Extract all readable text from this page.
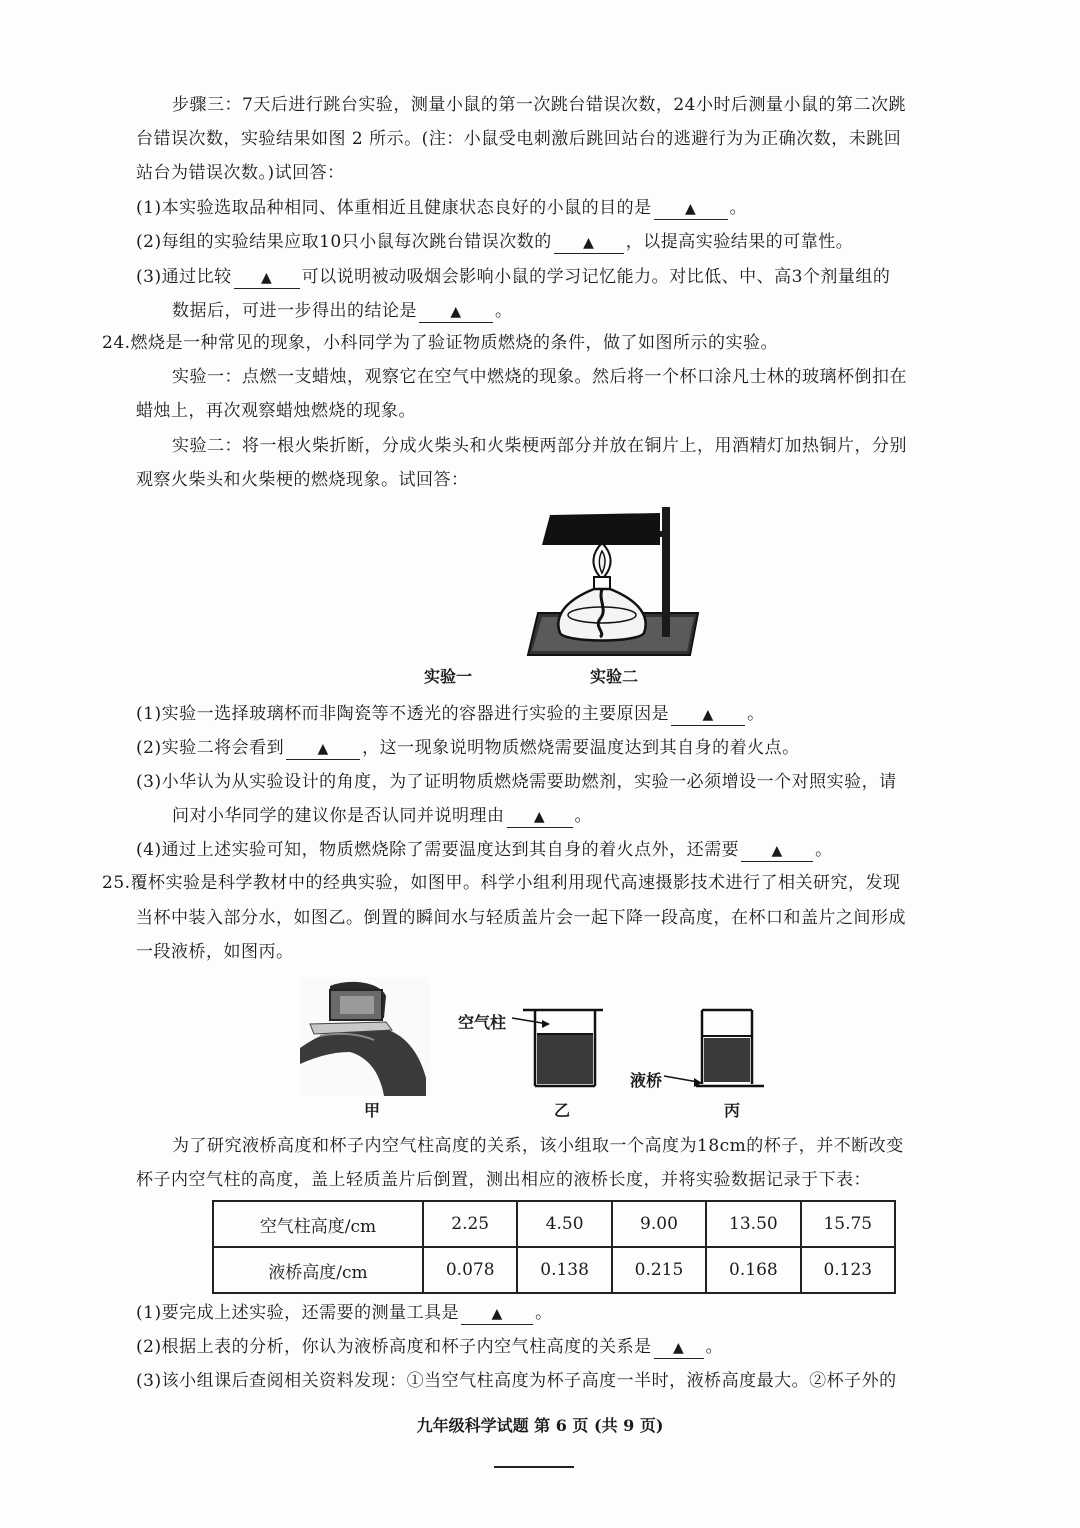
步骤三：7天后进行跳台实验，测量小鼠的第一次跳台错误次数，24小时后测量小鼠的第二次跳
台错误次数，实验结果如图 2 所示。(注：小鼠受电刺激后跳回站台的逃避行为为正确次数，未跳回
站台为错误次数。)试回答：
(1)本实验选取品种相同、体重相近且健康状态良好的小鼠的目的是 ▲ 。
(2)每组的实验结果应取10只小鼠每次跳台错误次数的 ▲ ，以提高实验结果的可靠性。
(3)通过比较 ▲ 可以说明被动吸烟会影响小鼠的学习记忆能力。对比低、中、高3个剂量组的
数据后，可进一步得出的结论是 ▲ 。
24.燃烧是一种常见的现象，小科同学为了验证物质燃烧的条件，做了如图所示的实验。
实验一：点燃一支蜡烛，观察它在空气中燃烧的现象。然后将一个杯口涂凡士林的玻璃杯倒扣在
蜡烛上，再次观察蜡烛燃烧的现象。
实验二：将一根火柴折断，分成火柴头和火柴梗两部分并放在铜片上，用酒精灯加热铜片，分别
观察火柴头和火柴梗的燃烧现象。试回答：
实验一	实验二
(1)实验一选择玻璃杯而非陶瓷等不透光的容器进行实验的主要原因是 ▲ 。
(2)实验二将会看到 ▲ ，这一现象说明物质燃烧需要温度达到其自身的着火点。
(3)小华认为从实验设计的角度，为了证明物质燃烧需要助燃剂，实验一必须增设一个对照实验，请
问对小华同学的建议你是否认同并说明理由 ▲ 。
(4)通过上述实验可知，物质燃烧除了需要温度达到其自身的着火点外，还需要 ▲ 。
25.覆杯实验是科学教材中的经典实验，如图甲。科学小组利用现代高速摄影技术进行了相关研究，发现
当杯中装入部分水，如图乙。倒置的瞬间水与轻质盖片会一起下降一段高度，在杯口和盖片之间形成
一段液桥，如图丙。
甲
空气柱
乙
液桥
丙
为了研究液桥高度和杯子内空气柱高度的关系，该小组取一个高度为18cm的杯子，并不断改变
杯子内空气柱的高度，盖上轻质盖片后倒置，测出相应的液桥长度，并将实验数据记录于下表：
空气柱高度/cm	2.25	4.50	9.00	13.50	15.75
液桥高度/cm	0.078	0.138	0.215	0.168	0.123
(1)要完成上述实验，还需要的测量工具是 ▲ 。
(2)根据上表的分析，你认为液桥高度和杯子内空气柱高度的关系是 ▲ 。
(3)该小组课后查阅相关资料发现：①当空气柱高度为杯子高度一半时，液桥高度最大。②杯子外的
九年级科学试题 第 6 页 (共 9 页)
